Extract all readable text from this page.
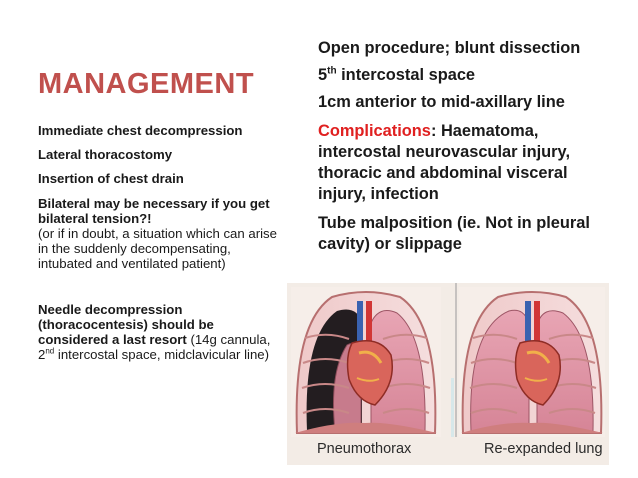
MANAGEMENT

Immediate chest decompression

Lateral thoracostomy

Insertion of chest drain

Bilateral may be necessary if you get bilateral tension?!
(or if in doubt, a situation which can arise in the suddenly decompensating, intubated and ventilated patient)

Needle decompression (thoracocentesis) should be considered a last resort (14g cannula, 2nd intercostal space, midclavicular line)

Open procedure; blunt dissection

5th intercostal space

1cm anterior to mid-axillary line

Complications: Haematoma, intercostal neurovascular injury, thoracic and abdominal visceral injury, infection

Tube malposition (ie. Not in pleural cavity) or slippage

Pneumothorax	Re-expanded lung
